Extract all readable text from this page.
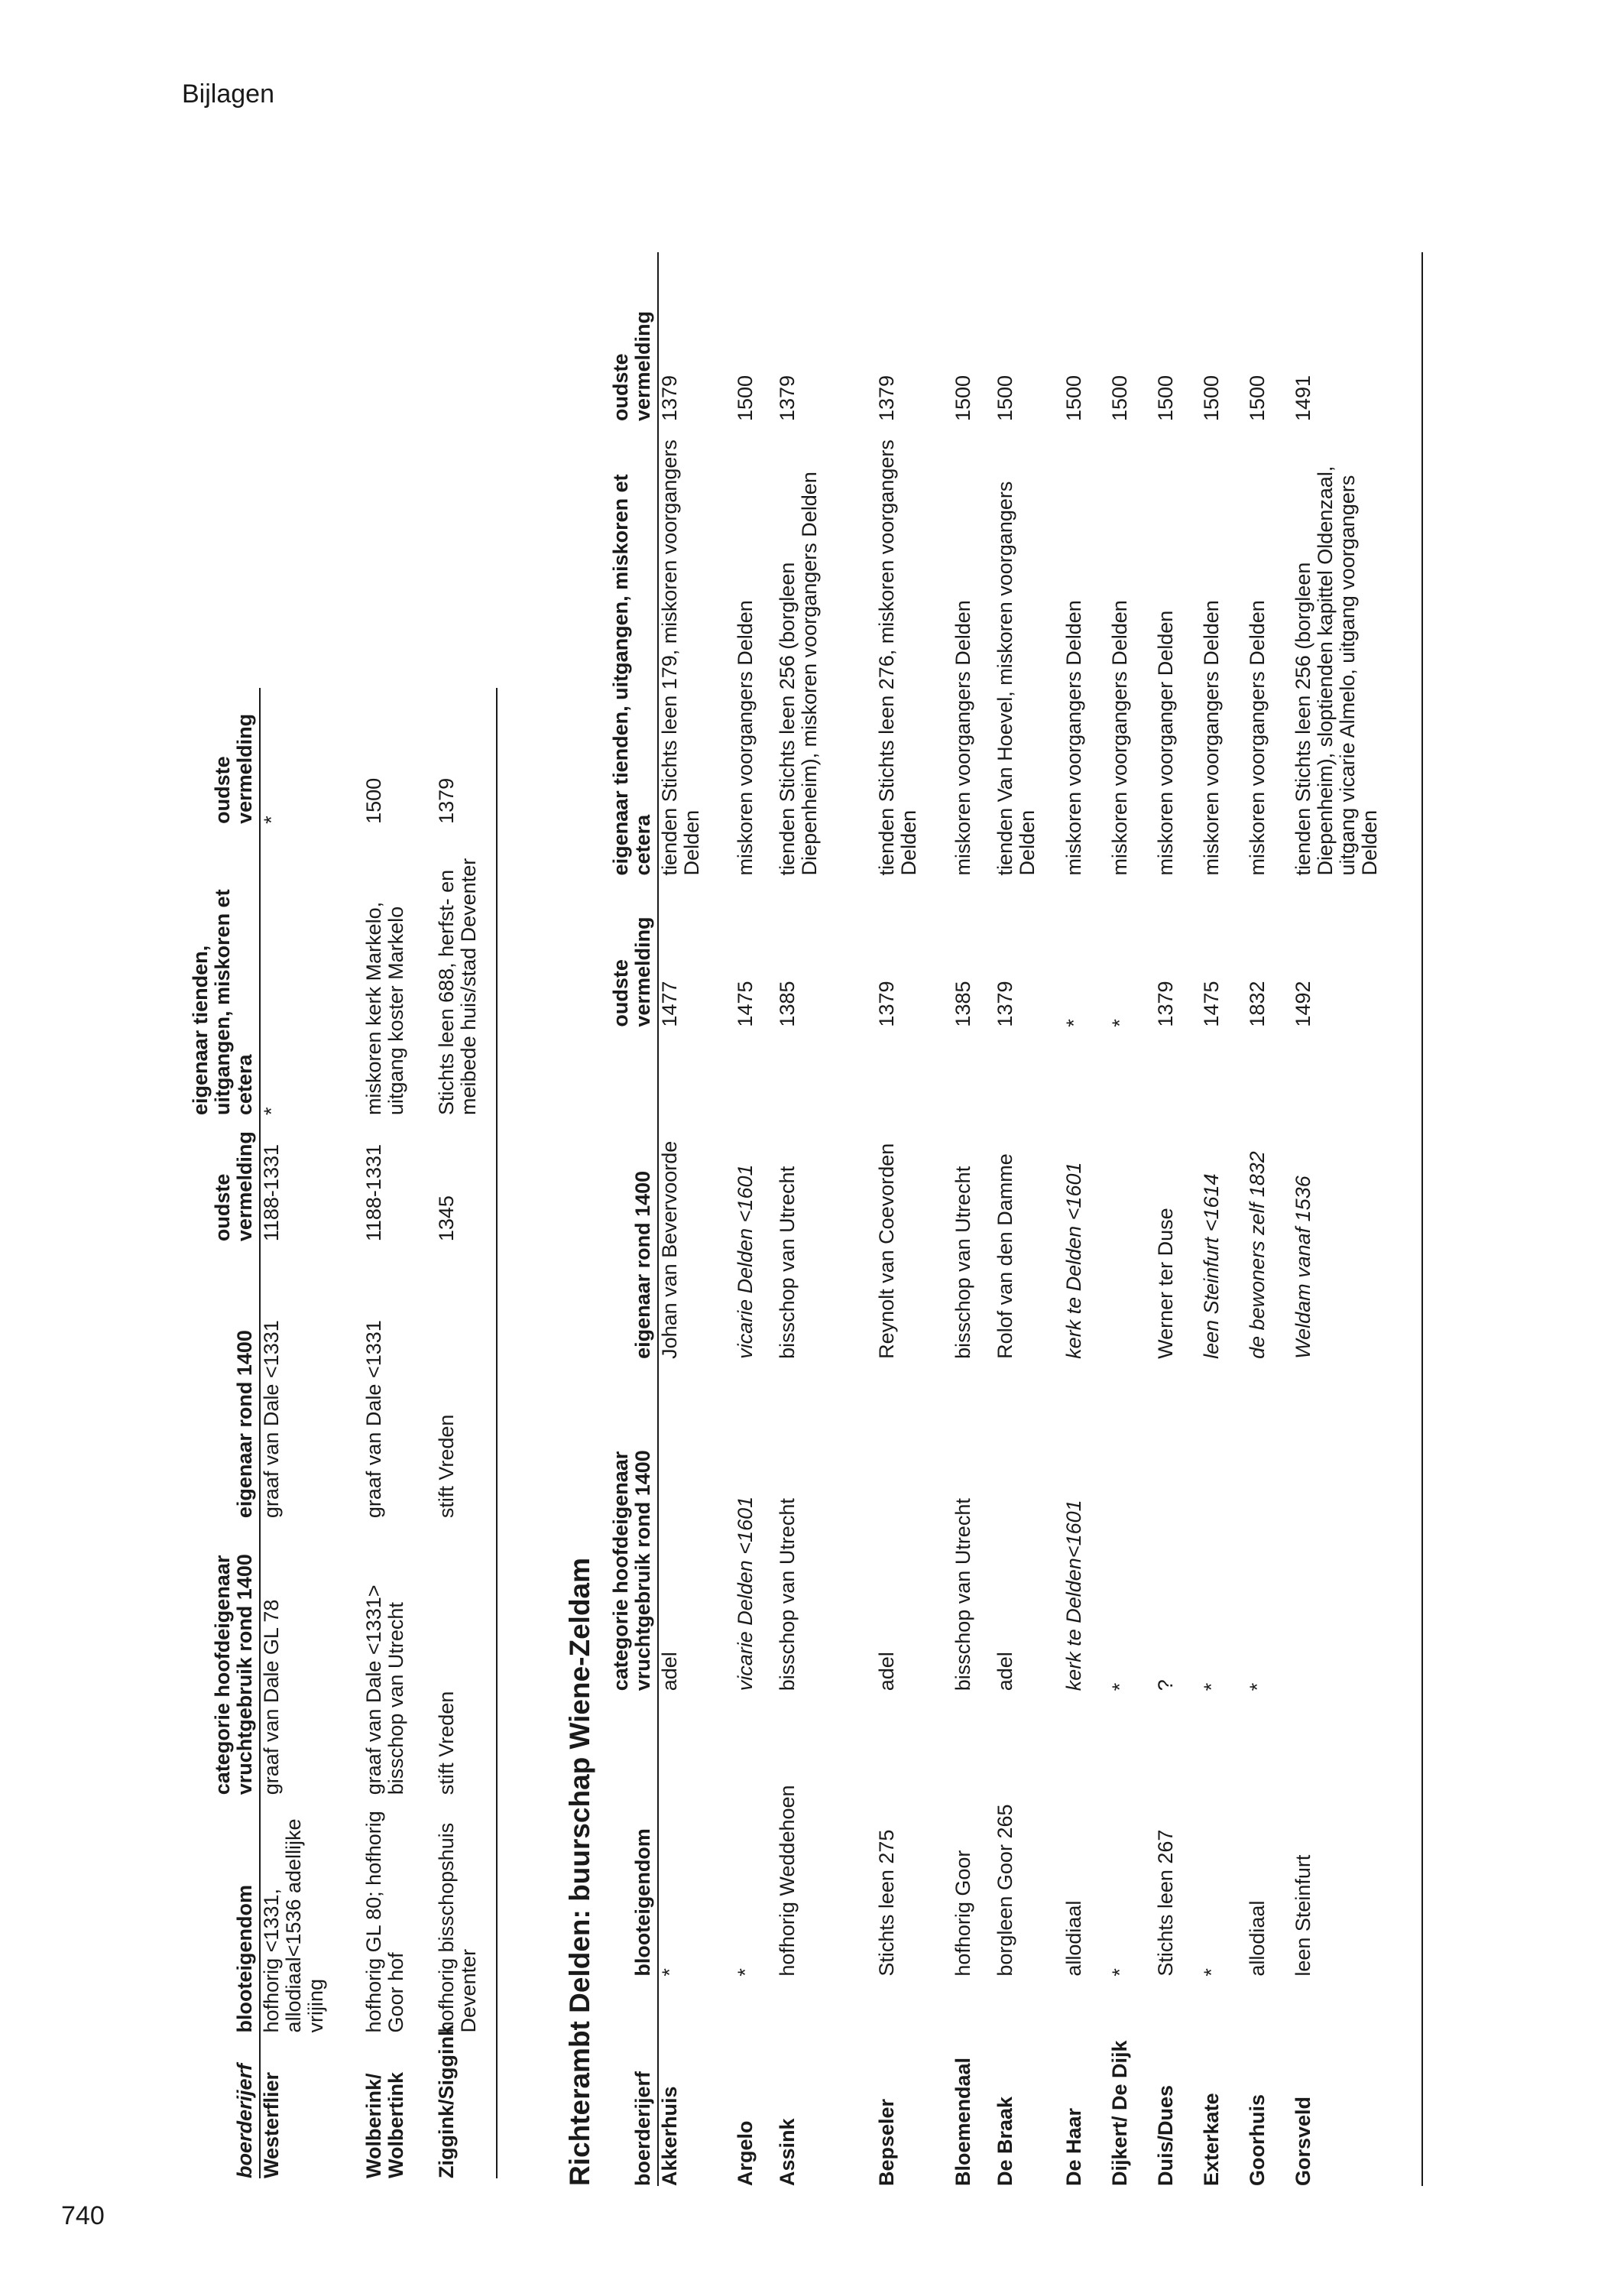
Bijlagen
740
boerderijerf	blooteigendom	categorie hoofdeigenaar vruchtgebruik rond 1400	eigenaar rond 1400	oudste vermelding	eigenaar tienden, uitgangen, miskoren et cetera	oudste vermelding
Westerflier	hofhorig <1331, allodiaal<1536 adellijke vrijing	graaf van Dale GL 78	graaf van Dale <1331	1188-1331	*	*
Wolberink/ Wolbertink	hofhorig GL 80; hofhorig Goor hof	graaf van Dale <1331> bisschop van Utrecht	graaf van Dale <1331	1188-1331	miskoren kerk Markelo, uitgang koster Markelo	1500
Ziggink/Siggink	hofhorig bisschopshuis Deventer	stift Vreden	stift Vreden	1345	Stichts leen 688, herfst- en meibede huis/stad Deventer	1379
Richterambt Delden: buurschap Wiene-Zeldam boerderijerf	blooteigendom	categorie hoofdeigenaar vruchtgebruik rond 1400	eigenaar rond 1400	oudste vermelding	eigenaar tienden, uitgangen, miskoren et cetera	oudste vermelding
Akkerhuis	*	adel	Johan van Bevervoorde	1477	tienden Stichts leen 179, miskoren voorgangers Delden	1379
Argelo	*	vicarie Delden <1601	vicarie Delden <1601	1475	miskoren voorgangers Delden	1500
Assink	hofhorig Weddehoen	bisschop van Utrecht	bisschop van Utrecht	1385	tienden Stichts leen 256 (borgleen Diepenheim), miskoren voorgangers Delden	1379
Bepseler	Stichts leen 275	adel	Reynolt van Coevorden	1379	tienden Stichts leen 276, miskoren voorgangers Delden	1379
Bloemendaal	hofhorig Goor	bisschop van Utrecht	bisschop van Utrecht	1385	miskoren voorgangers Delden	1500
De Braak	borgleen Goor 265	adel	Rolof van den Damme	1379	tienden Van Hoevel, miskoren voorgangers Delden	1500
De Haar	allodiaal	kerk te Delden<1601	kerk te Delden <1601	*	miskoren voorgangers Delden	1500
Dijkert/ De Dijk	*	*		*	miskoren voorgangers Delden	1500
Duis/Dues	Stichts leen 267	?	Werner ter Duse	1379	miskoren voorganger Delden	1500
Exterkate	*	*	leen Steinfurt <1614	1475	miskoren voorgangers Delden	1500
Goorhuis	allodiaal	*	de bewoners zelf 1832	1832	miskoren voorgangers Delden	1500
Gorsveld	leen Steinfurt		Weldam vanaf 1536	1492	tienden Stichts leen 256 (borgleen Diepenheim), sloptienden kapittel Oldenzaal, uitgang vicarie Almelo, uitgang voorgangers Delden	1491
